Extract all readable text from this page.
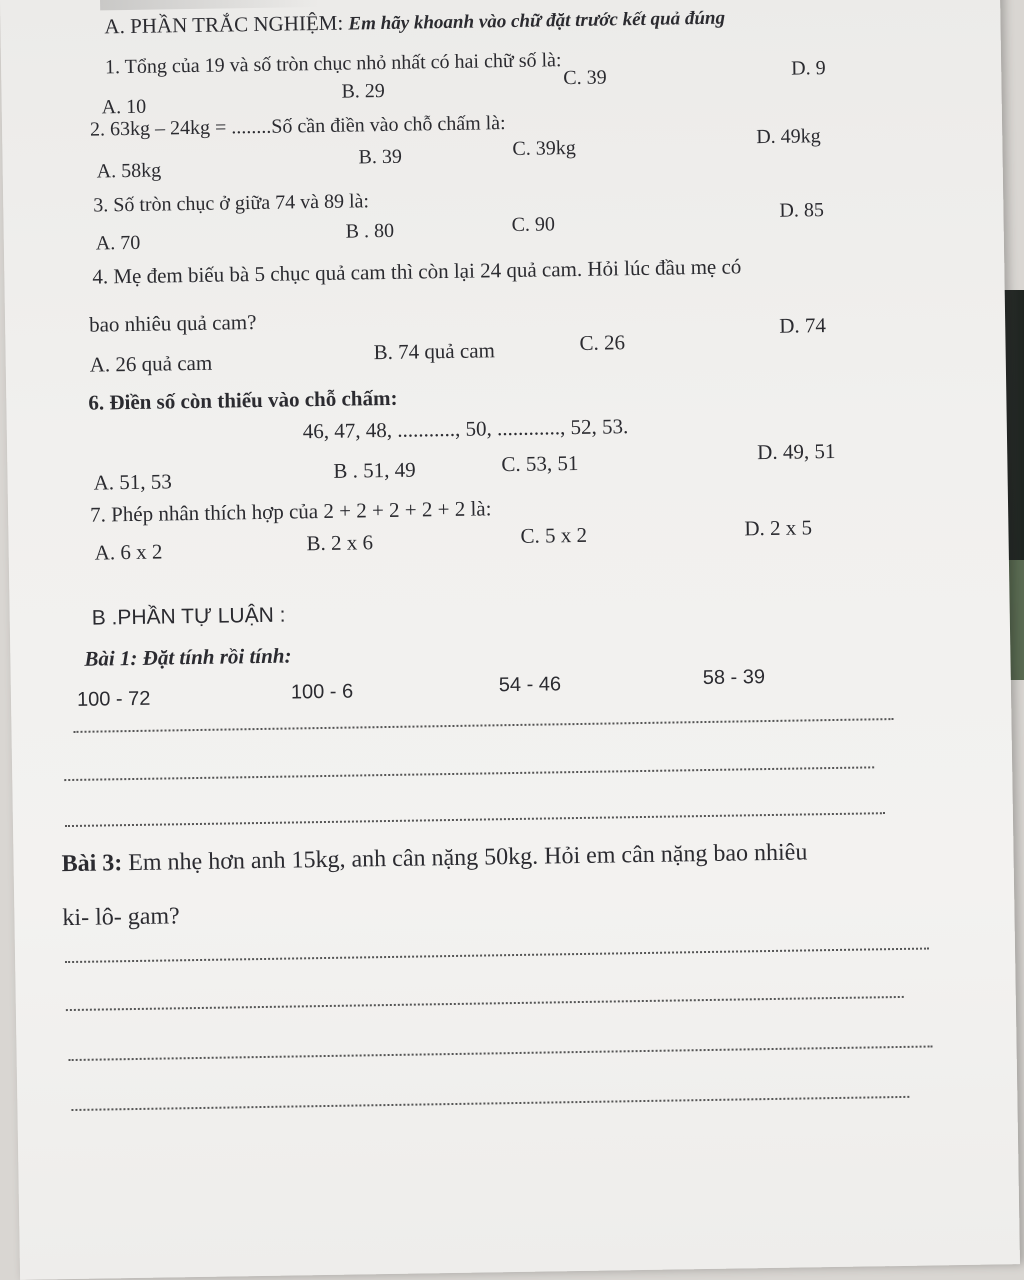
A. PHẦN TRẮC NGHIỆM: Em hãy khoanh vào chữ đặt trước kết quả đúng
1. Tổng của 19 và số tròn chục nhỏ nhất có hai chữ số là:
A. 10
B. 29
C. 39	D. 9
2. 63kg – 24kg = ........Số cần điền vào chỗ chấm là:
A. 58kg
B. 39	C. 39kg
D. 49kg
3. Số tròn chục ở giữa 74 và 89 là:
A. 70
B . 80	C. 90
D. 85
4. Mẹ đem biếu bà 5 chục quả cam thì còn lại 24 quả cam. Hỏi lúc đầu mẹ có
bao nhiêu quả cam?
A. 26 quả cam	B. 74 quả cam	C. 26
D. 74
6. Điền số còn thiếu vào chỗ chấm:
46, 47, 48, ..........., 50, ............, 52, 53.
A. 51, 53	B . 51, 49	C. 53, 51	D. 49, 51
7. Phép nhân thích hợp của 2 + 2 + 2 + 2 + 2 là:
A. 6 x 2	B. 2 x 6	C. 5 x 2	D. 2 x 5
B .PHẦN TỰ LUẬN :
Bài 1: Đặt tính rồi tính:
100 - 72	100 - 6	54 - 46	58 - 39
Bài 3: Em nhẹ hơn anh 15kg, anh cân nặng 50kg. Hỏi em cân nặng bao nhiêu
ki- lô- gam?
